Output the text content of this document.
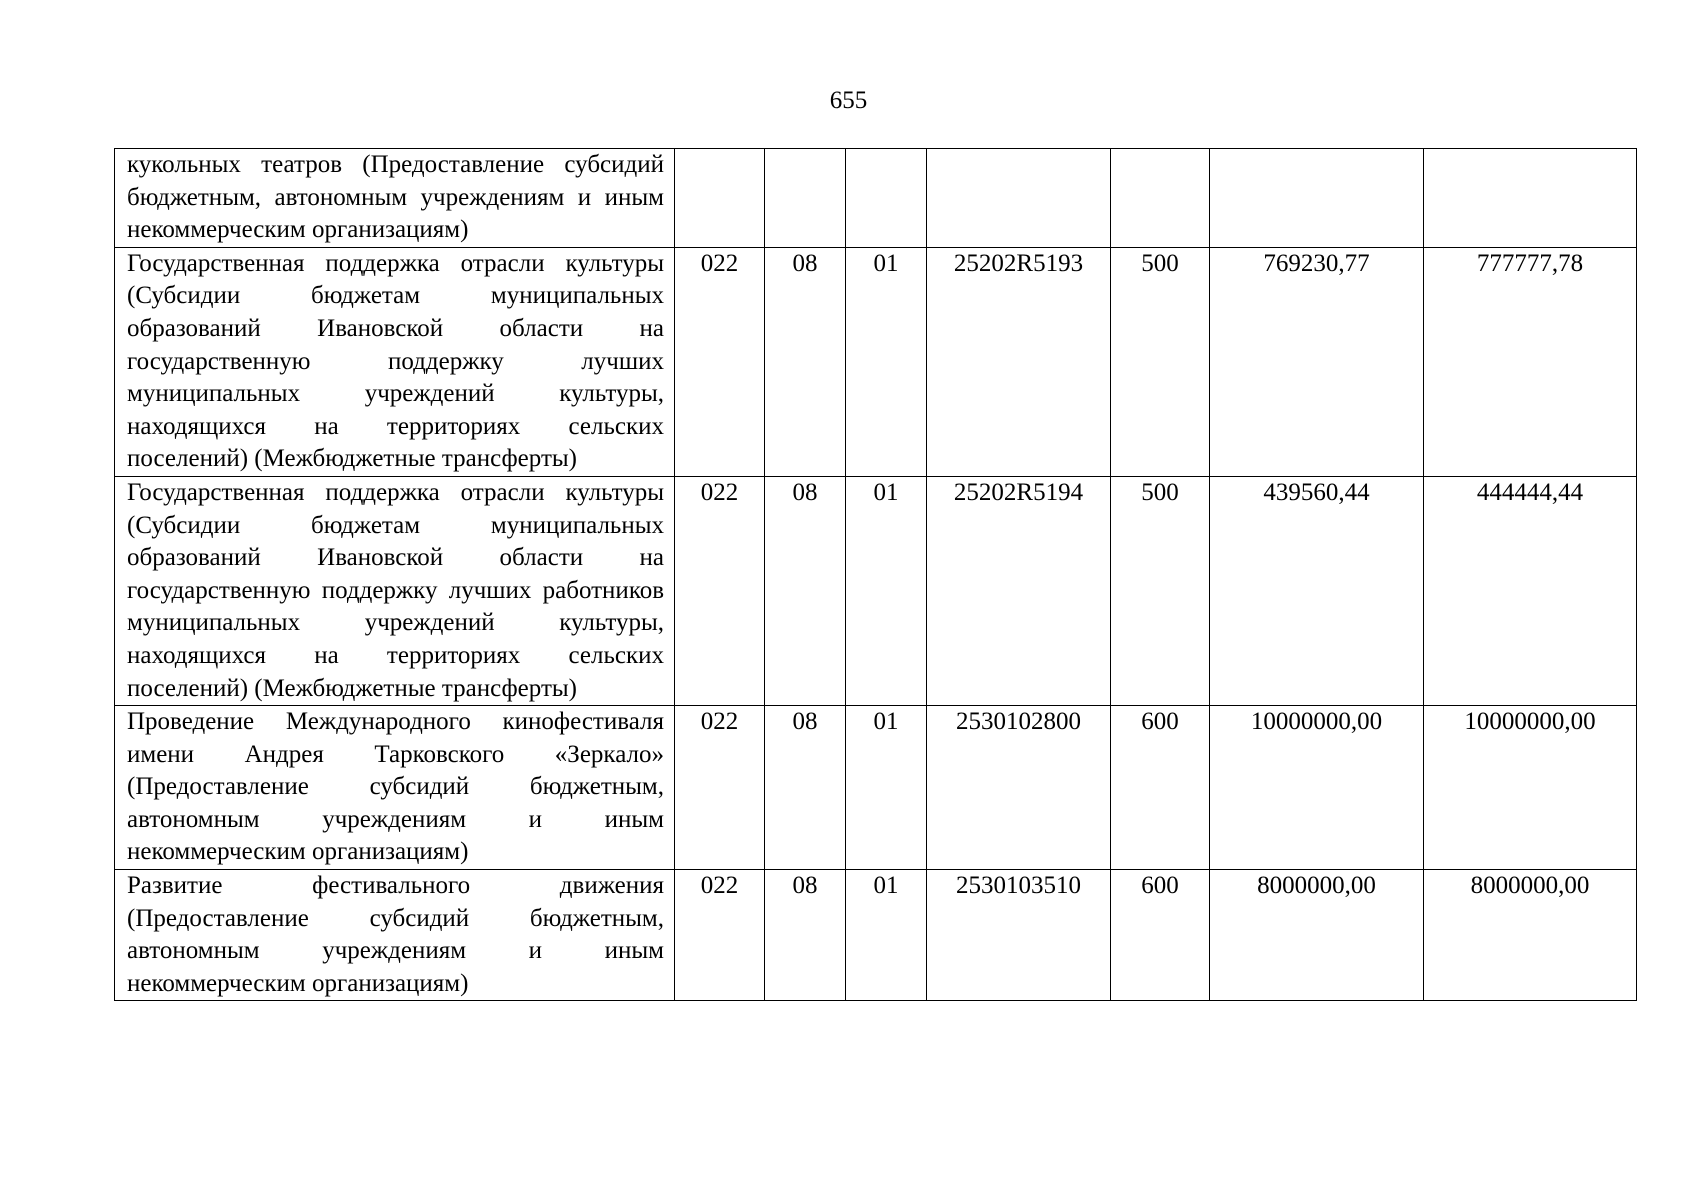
655
кукольных театров (Предоставление субсидий бюджетным, автономным учреждениям и иным некоммерческим организациям)							
Государственная поддержка отрасли культуры (Субсидии бюджетам муниципальных образований Ивановской области на государственную поддержку лучших муниципальных учреждений культуры, находящихся на территориях сельских поселений) (Межбюджетные трансферты)	022	08	01	25202R5193	500	769230,77	777777,78
Государственная поддержка отрасли культуры (Субсидии бюджетам муниципальных образований Ивановской области на государственную поддержку лучших работников муниципальных учреждений культуры, находящихся на территориях сельских поселений) (Межбюджетные трансферты)	022	08	01	25202R5194	500	439560,44	444444,44
Проведение Международного кинофестиваля имени Андрея Тарковского «Зеркало» (Предоставление субсидий бюджетным, автономным учреждениям и иным некоммерческим организациям)	022	08	01	2530102800	600	10000000,00	10000000,00
Развитие фестивального движения (Предоставление субсидий бюджетным, автономным учреждениям и иным некоммерческим организациям)	022	08	01	2530103510	600	8000000,00	8000000,00
